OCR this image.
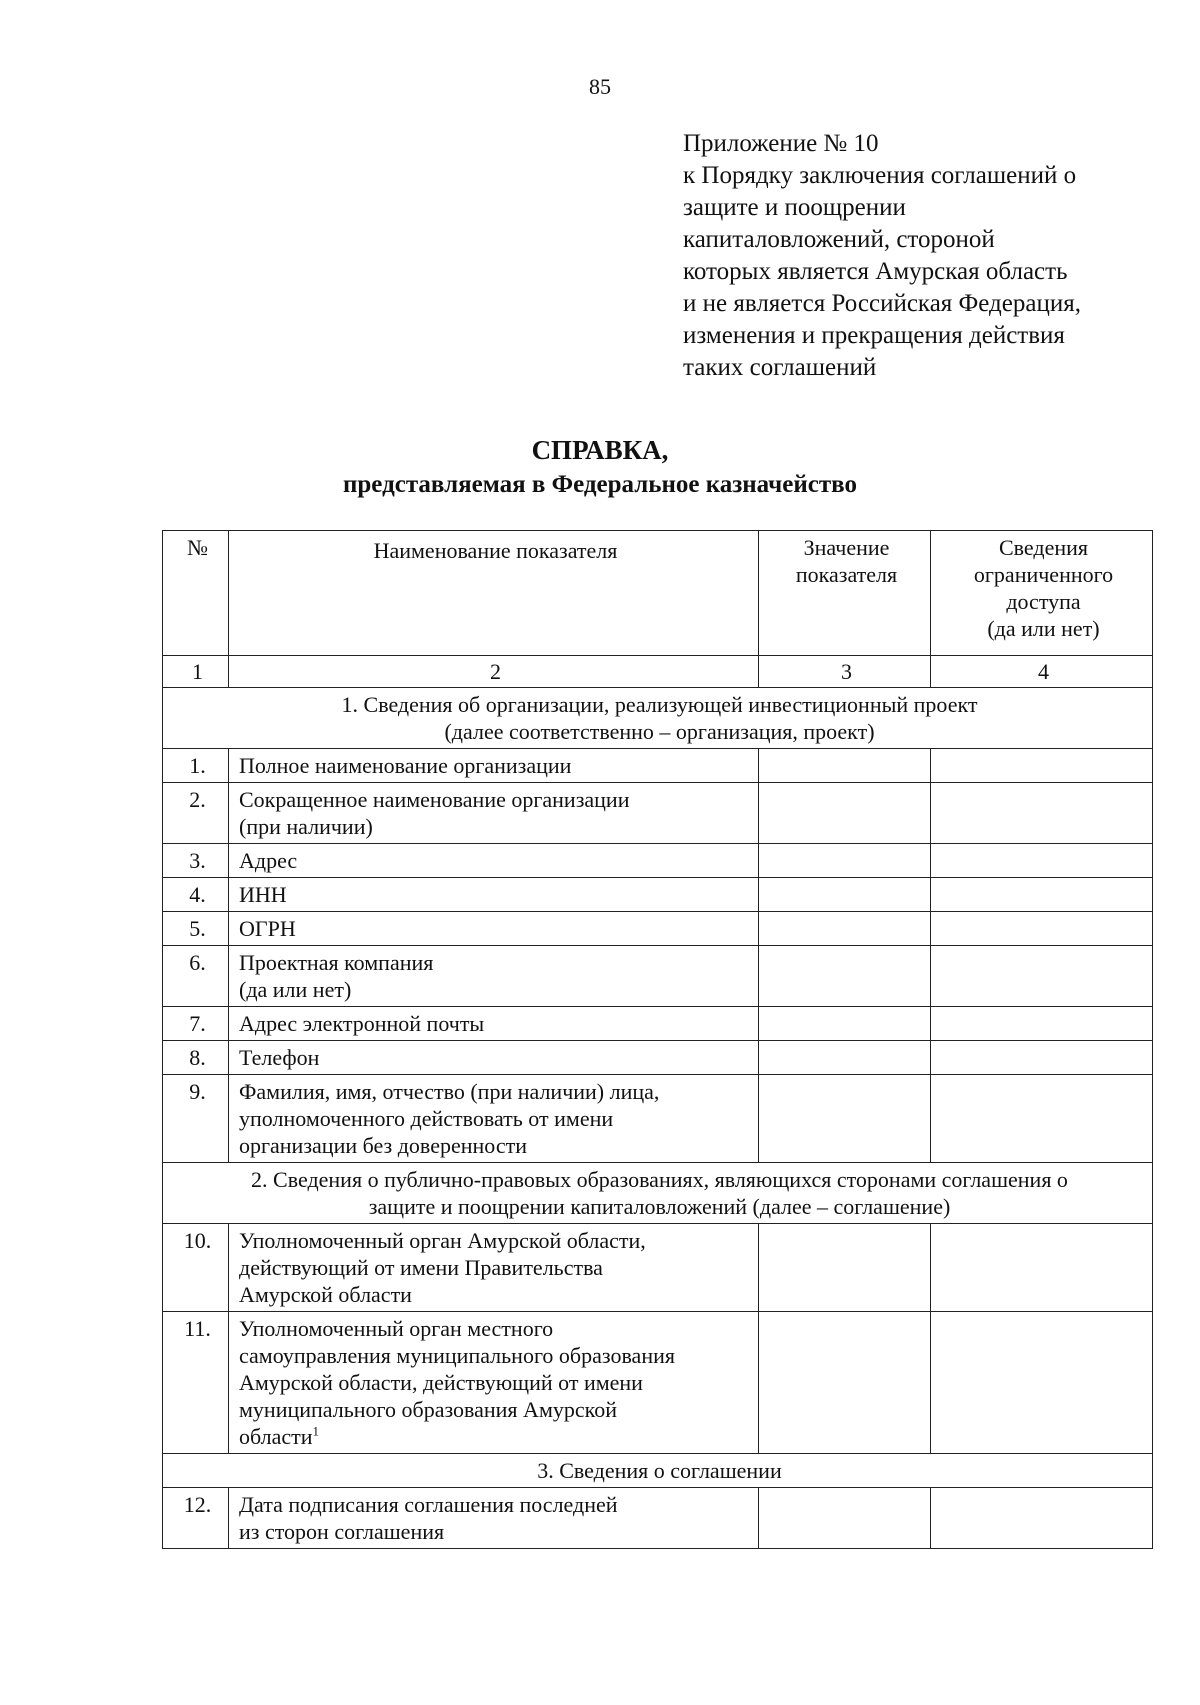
85
Приложение № 10
к Порядку заключения соглашений о
защите и поощрении
капиталовложений, стороной
которых является Амурская область
и не является Российская Федерация,
изменения и прекращения действия
таких соглашений
СПРАВКА,
представляемая в Федеральное казначейство
№	Наименование показателя	Значение показателя	Сведения
ограниченного
доступа
(да или нет)

1	2	3	4

1. Сведения об организации, реализующей инвестиционный проект
(далее соответственно – организация, проект)			

1.	Полное наименование организации		

2.	Сокращенное наименование организации
(при наличии)		

3.	Адрес		

4.	ИНН		

5.	ОГРН		

6.	Проектная компания
(да или нет)		

7.	Адрес электронной почты		

8.	Телефон		

9.	Фамилия, имя, отчество (при наличии) лица,
уполномоченного действовать от имени
организации без доверенности		

2. Сведения о публично-правовых образованиях, являющихся сторонами соглашения о
защите и поощрении капиталовложений (далее – соглашение)			

10.	Уполномоченный орган Амурской области,
действующий от имени Правительства
Амурской области		

11.	Уполномоченный орган местного
самоуправления муниципального образования
Амурской области, действующий от имени
муниципального образования Амурской
области$^1$

3. Сведения о соглашении			

12.	Дата подписания соглашения последней
из сторон соглашения		
